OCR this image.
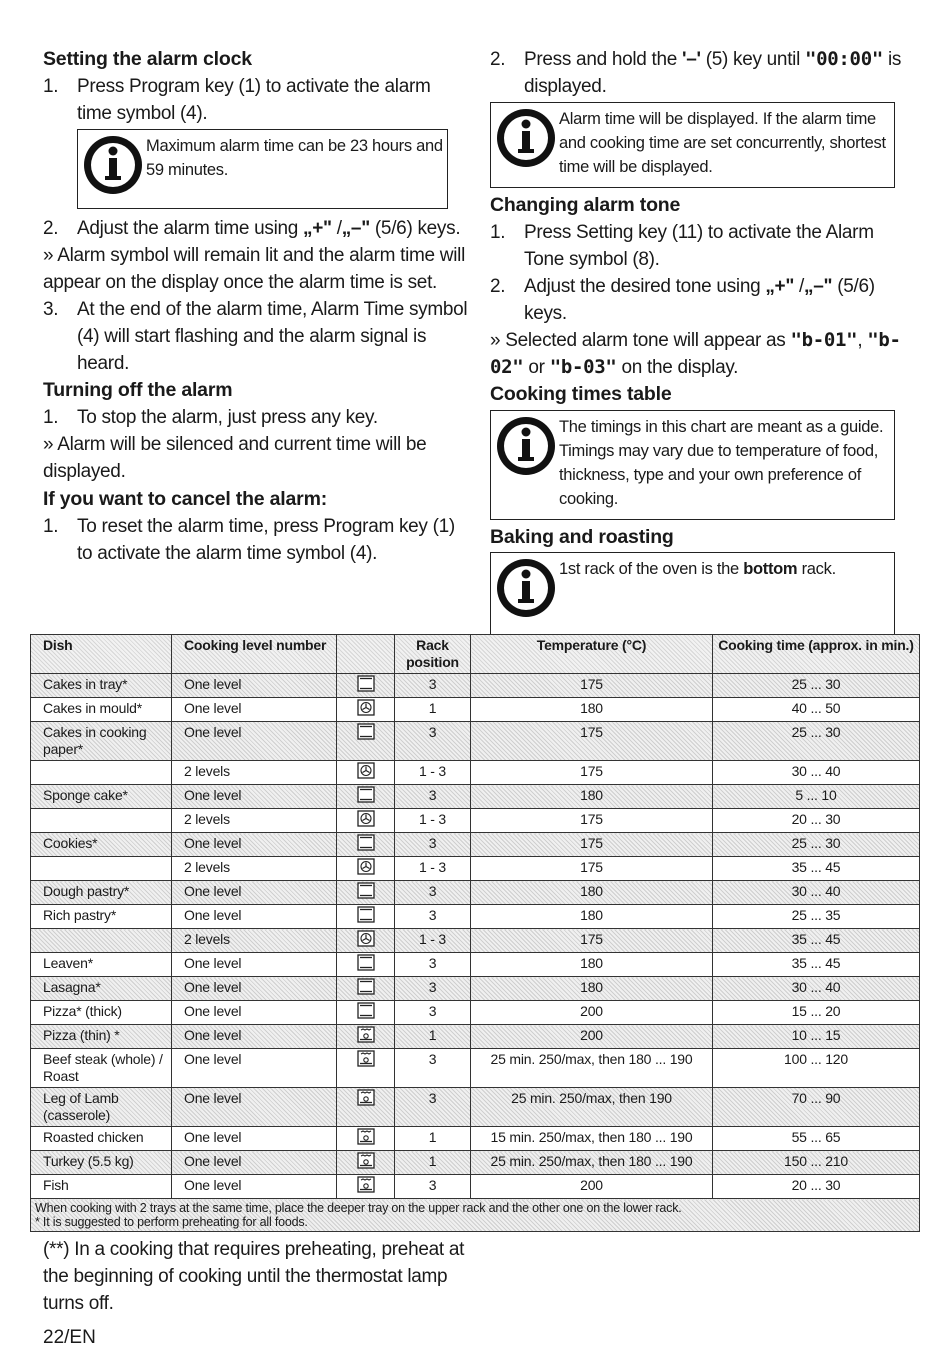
Setting the alarm clock

1. Press Program key (1) to activate the alarm time symbol (4).
Maximum alarm time can be 23 hours and 59 minutes.
2. Adjust the alarm time using „+" /„–" (5/6) keys.

» Alarm symbol will remain lit and the alarm time will appear on the display once the alarm time is set.

3. At the end of the alarm time, Alarm Time symbol (4) will start flashing and the alarm signal is heard.

Turning off the alarm

1. To stop the alarm, just press any key.

» Alarm will be silenced and current time will be displayed.

If you want to cancel the alarm:

1. To reset the alarm time, press Program key (1) to activate the alarm time symbol (4).
2. Press and hold the '–' (5) key until "00:00" is displayed.
Alarm time will be displayed. If the alarm time and cooking time are set concurrently, shortest time will be displayed.

Changing alarm tone

1. Press Setting key (11) to activate the Alarm Tone symbol (8).
2. Adjust the desired tone using „+" /„–" (5/6) keys.

» Selected alarm tone will appear as "b-01", "b-02" or "b-03" on the display.

Cooking times table

The timings in this chart are meant as a guide. Timings may vary due to temperature of food, thickness, type and your own preference of cooking.

Baking and roasting

1st rack of the oven is the bottom rack.
Dish	Cooking level number		Rack position	Temperature (°C)	Cooking time (approx. in min.)
Cakes in tray*	One level		3	175	25 ... 30
Cakes in mould*	One level		1	180	40 ... 50
Cakes in cooking paper*	One level		3	175	25 ... 30
	2 levels		1 - 3	175	30 ... 40
Sponge cake*	One level		3	180	5 ... 10
	2 levels		1 - 3	175	20 ... 30
Cookies*	One level		3	175	25 ... 30
	2 levels		1 - 3	175	35 ... 45
Dough pastry*	One level		3	180	30 ... 40
Rich pastry*	One level		3	180	25 ... 35
	2 levels		1 - 3	175	35 ... 45
Leaven*	One level		3	180	35 ... 45
Lasagna*	One level		3	180	30 ... 40
Pizza* (thick)	One level		3	200	15 ... 20
Pizza (thin) *	One level		1	200	10 ... 15
Beef steak (whole) / Roast	One level		3	25 min. 250/max, then 180 ... 190	100 ... 120
Leg of Lamb (casserole)	One level		3	25 min. 250/max, then 190	70 ... 90
Roasted chicken	One level		1	15 min. 250/max, then 180 ... 190	55 ... 65
Turkey (5.5 kg)	One level		1	25 min. 250/max, then 180 ... 190	150 ... 210
Fish	One level		3	200	20 ... 30

When cooking with 2 trays at the same time, place the deeper tray on the upper rack and the other one on the lower rack.
* It is suggested to perform preheating for all foods.					
(**) In a cooking that requires preheating, preheat at the beginning of cooking until the thermostat lamp turns off.
22/EN
